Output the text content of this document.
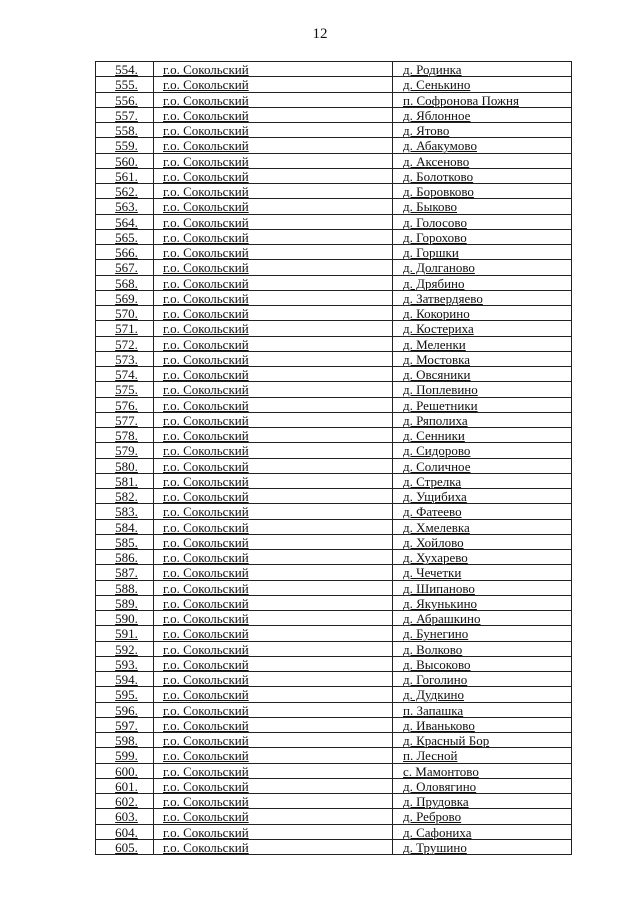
12
554.	г.о. Сокольский	д. Родинка
555.	г.о. Сокольский	д. Сенькино
556.	г.о. Сокольский	п. Софронова Пожня
557.	г.о. Сокольский	д. Яблонное
558.	г.о. Сокольский	д. Ятово
559.	г.о. Сокольский	д. Абакумово
560.	г.о. Сокольский	д. Аксеново
561.	г.о. Сокольский	д. Болотково
562.	г.о. Сокольский	д. Боровково
563.	г.о. Сокольский	д. Быково
564.	г.о. Сокольский	д. Голосово
565.	г.о. Сокольский	д. Горохово
566.	г.о. Сокольский	д. Горшки
567.	г.о. Сокольский	д. Долганово
568.	г.о. Сокольский	д. Дрябино
569.	г.о. Сокольский	д. Затвердяево
570.	г.о. Сокольский	д. Кокорино
571.	г.о. Сокольский	д. Костериха
572.	г.о. Сокольский	д. Меленки
573.	г.о. Сокольский	д. Мостовка
574.	г.о. Сокольский	д. Овсяники
575.	г.о. Сокольский	д. Поплевино
576.	г.о. Сокольский	д. Решетники
577.	г.о. Сокольский	д. Ряполиха
578.	г.о. Сокольский	д. Сенники
579.	г.о. Сокольский	д. Сидорово
580.	г.о. Сокольский	д. Соличное
581.	г.о. Сокольский	д. Стрелка
582.	г.о. Сокольский	д. Ущибиха
583.	г.о. Сокольский	д. Фатеево
584.	г.о. Сокольский	д. Хмелевка
585.	г.о. Сокольский	д. Хойлово
586.	г.о. Сокольский	д. Хухарево
587.	г.о. Сокольский	д. Чечетки
588.	г.о. Сокольский	д. Шипаново
589.	г.о. Сокольский	д. Якунькино
590.	г.о. Сокольский	д. Абрашкино
591.	г.о. Сокольский	д. Бунегино
592.	г.о. Сокольский	д. Волково
593.	г.о. Сокольский	д. Высоково
594.	г.о. Сокольский	д. Гоголино
595.	г.о. Сокольский	д. Дудкино
596.	г.о. Сокольский	п. Запашка
597.	г.о. Сокольский	д. Иваньково
598.	г.о. Сокольский	д. Красный Бор
599.	г.о. Сокольский	п. Лесной
600.	г.о. Сокольский	с. Мамонтово
601.	г.о. Сокольский	д. Оловягино
602.	г.о. Сокольский	д. Прудовка
603.	г.о. Сокольский	д. Реброво
604.	г.о. Сокольский	д. Сафониха
605.	г.о. Сокольский	д. Трушино
